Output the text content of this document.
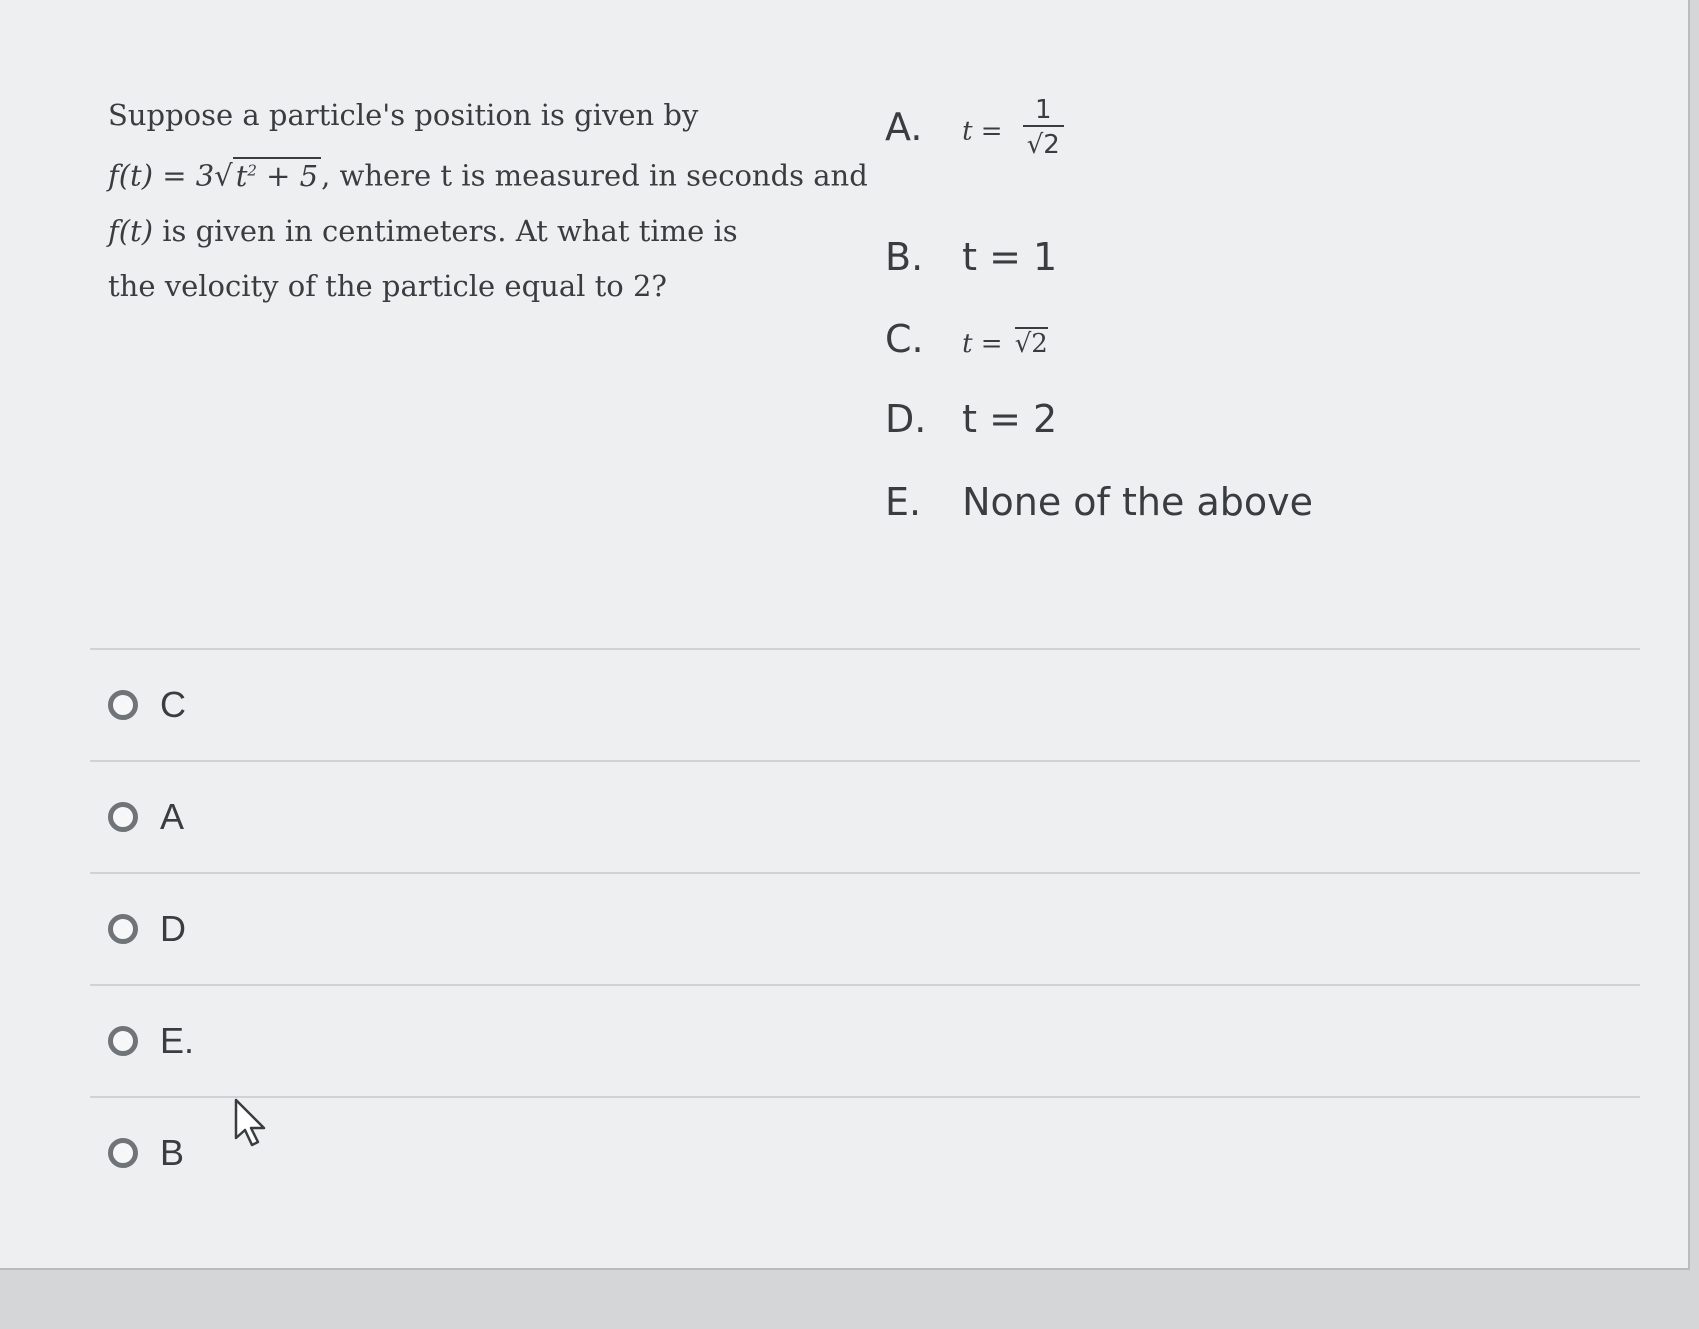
Suppose a particle's position is given by
f(t) = 3√ $t^2 + 5$ , where t is measured in seconds and
f(t) is given in centimeters. At what time is
the velocity of the particle equal to 2?
A. $t = \frac{1}{√2}$
B. t = 1
C. t = √2
D. t = 2
E. None of the above
C
A
D
E.
B
